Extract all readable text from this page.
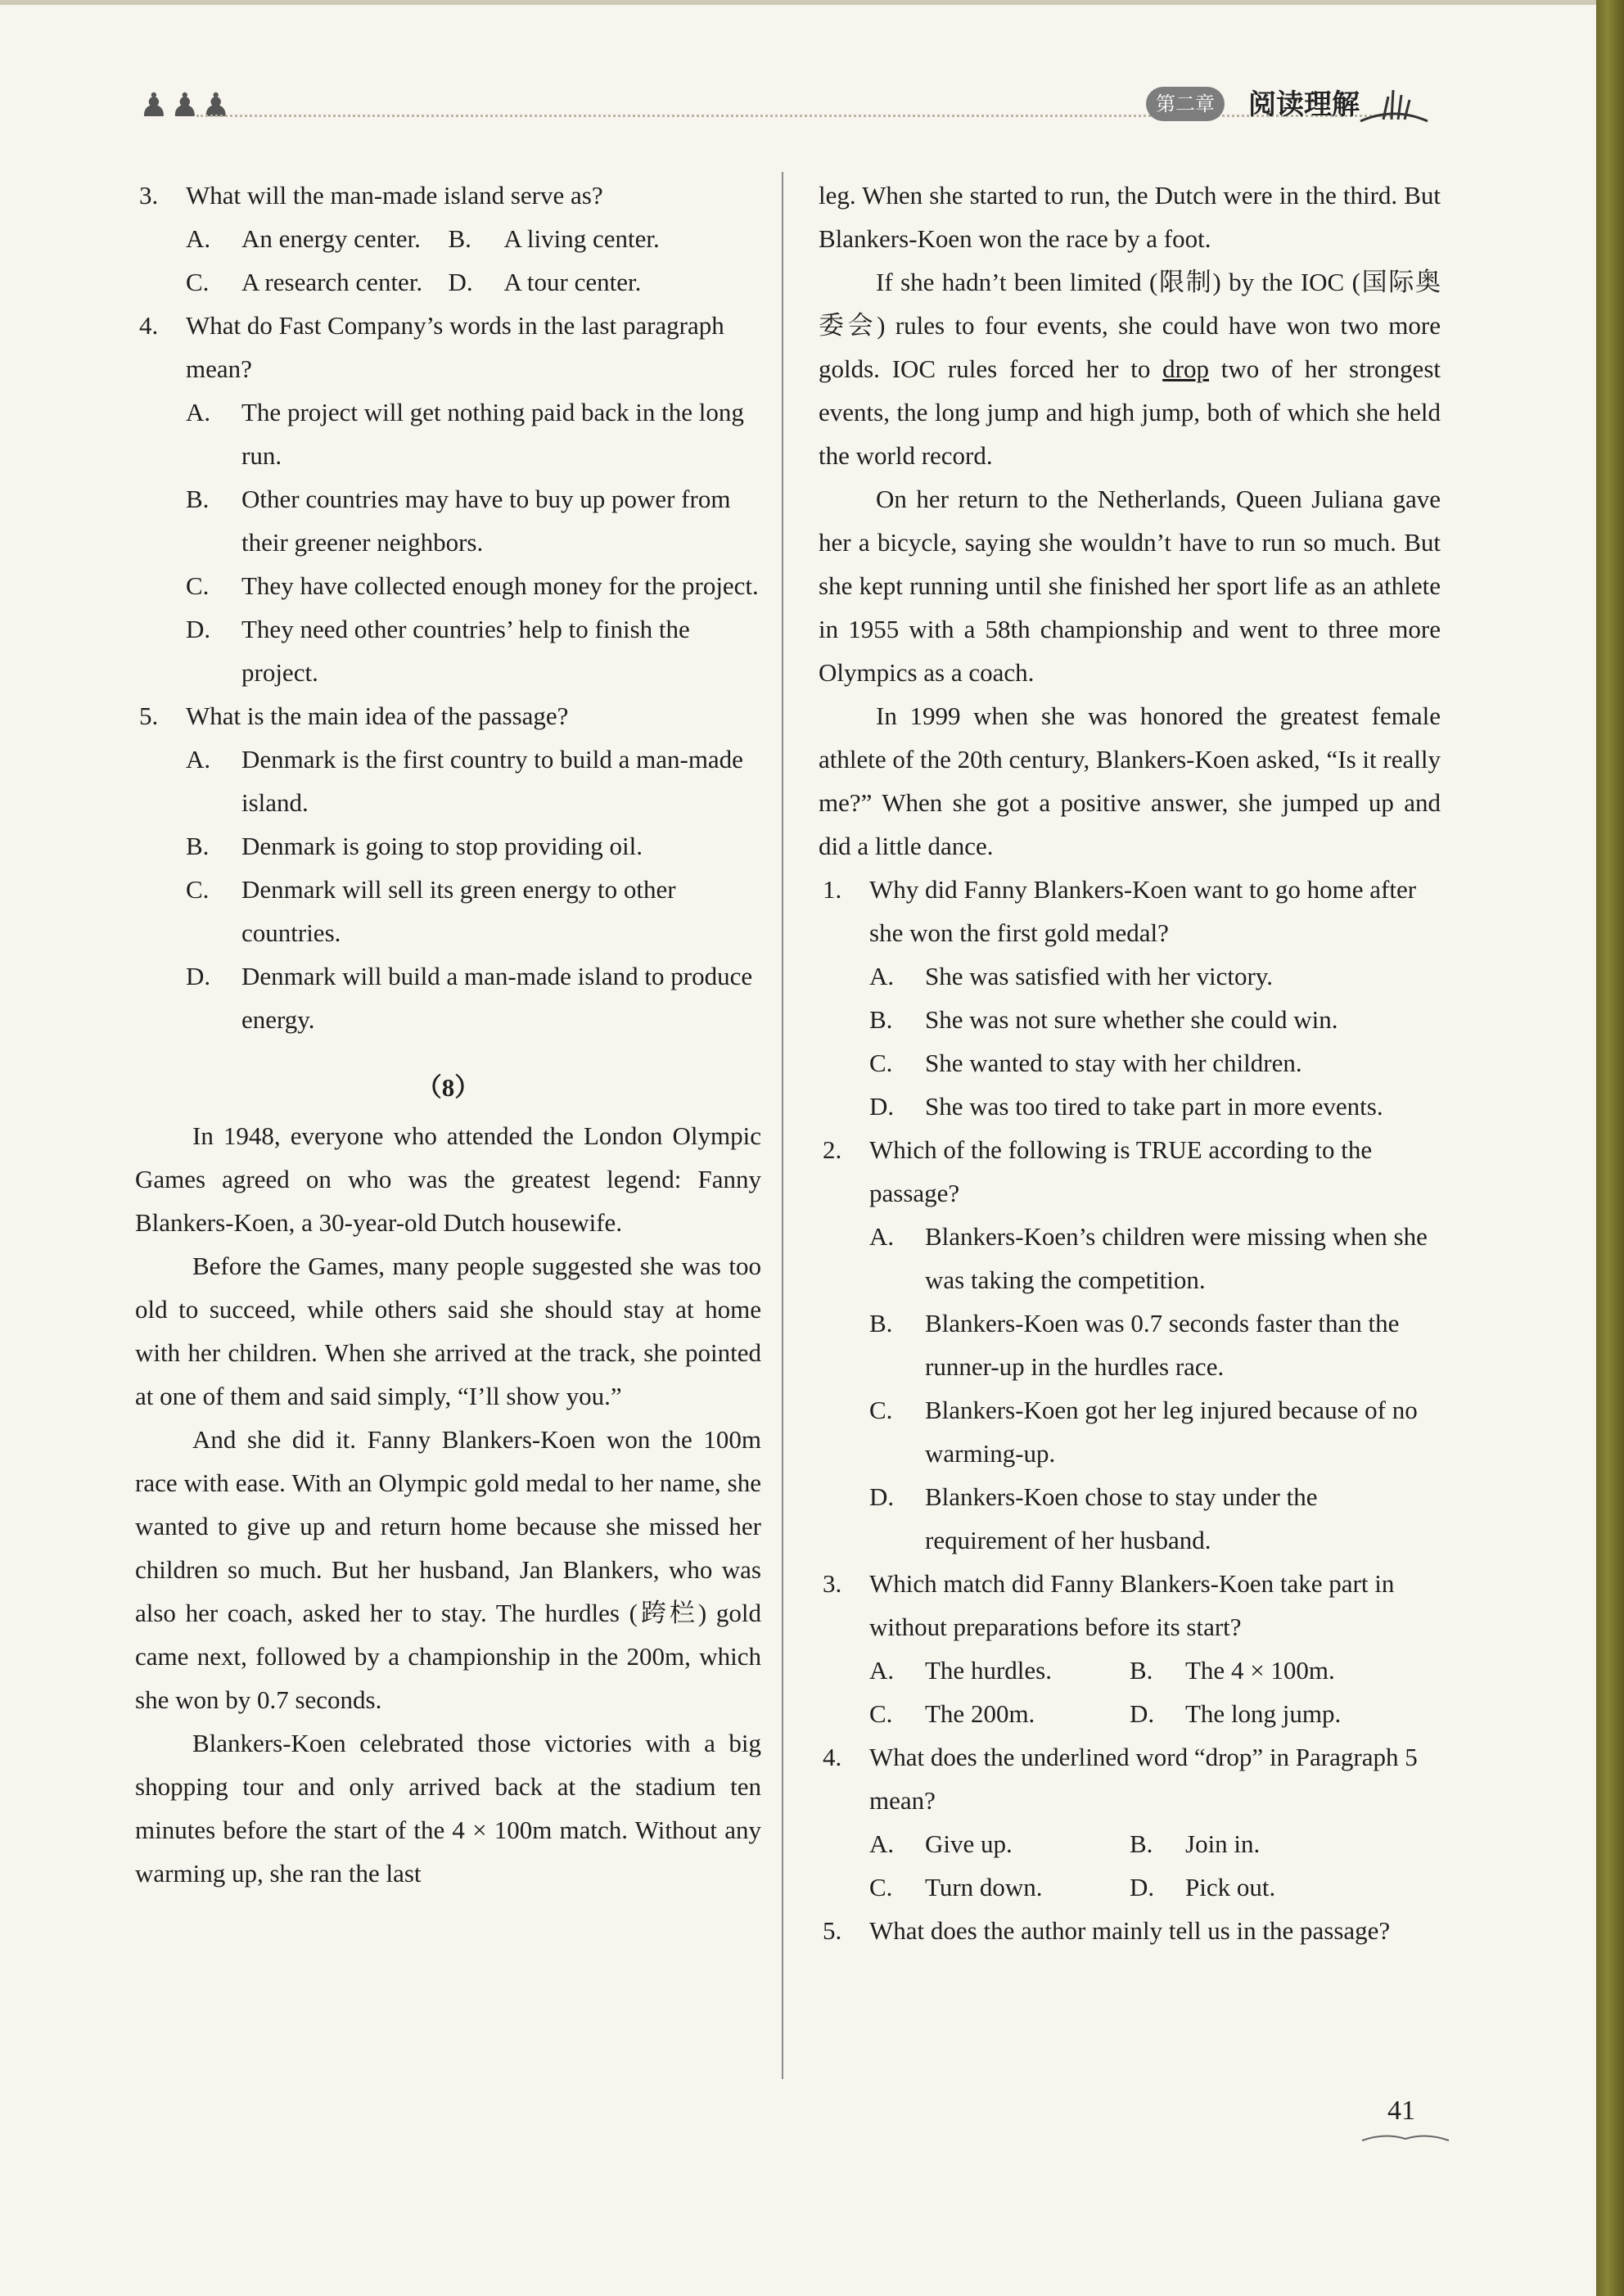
♟♟♟	第二章	阅读理解

3. What will the man-made island serve as?

A. An energy center.	B. A living center.

C. A research center.	D. A tour center.

4. What do Fast Company’s words in the last paragraph mean?

A. The project will get nothing paid back in the long run.

B. Other countries may have to buy up power from their greener neighbors.

C. They have collected enough money for the project.

D. They need other countries’ help to finish the project.

5. What is the main idea of the passage?

A. Denmark is the first country to build a man-made island.

B. Denmark is going to stop providing oil.

C. Denmark will sell its green energy to other countries.

D. Denmark will build a man-made island to produce energy.

（8）

In 1948, everyone who attended the London Olympic Games agreed on who was the greatest legend: Fanny Blankers-Koen, a 30-year-old Dutch housewife.

Before the Games, many people suggested she was too old to succeed, while others said she should stay at home with her children. When she arrived at the track, she pointed at one of them and said simply, “I’ll show you.”

And she did it. Fanny Blankers-Koen won the 100m race with ease. With an Olympic gold medal to her name, she wanted to give up and return home because she missed her children so much. But her husband, Jan Blankers, who was also her coach, asked her to stay. The hurdles (跨栏) gold came next, followed by a championship in the 200m, which she won by 0.7 seconds.

Blankers-Koen celebrated those victories with a big shopping tour and only arrived back at the stadium ten minutes before the start of the 4 × 100m match. Without any warming up, she ran the last

leg. When she started to run, the Dutch were in the third. But Blankers-Koen won the race by a foot.

If she hadn’t been limited (限制) by the IOC (国际奥委会) rules to four events, she could have won two more golds. IOC rules forced her to drop two of her strongest events, the long jump and high jump, both of which she held the world record.

On her return to the Netherlands, Queen Juliana gave her a bicycle, saying she wouldn’t have to run so much. But she kept running until she finished her sport life as an athlete in 1955 with a 58th championship and went to three more Olympics as a coach.

In 1999 when she was honored the greatest female athlete of the 20th century, Blankers-Koen asked, “Is it really me?” When she got a positive answer, she jumped up and did a little dance.

1. Why did Fanny Blankers-Koen want to go home after she won the first gold medal?

A. She was satisfied with her victory.

B. She was not sure whether she could win.

C. She wanted to stay with her children.

D. She was too tired to take part in more events.

2. Which of the following is TRUE according to the passage?

A. Blankers-Koen’s children were missing when she was taking the competition.

B. Blankers-Koen was 0.7 seconds faster than the runner-up in the hurdles race.

C. Blankers-Koen got her leg injured because of no warming-up.

D. Blankers-Koen chose to stay under the requirement of her husband.

3. Which match did Fanny Blankers-Koen take part in without preparations before its start?

A. The hurdles.	B. The 4 × 100m.

C. The 200m.	D. The long jump.

4. What does the underlined word “drop” in Paragraph 5 mean?

A. Give up.	B. Join in.

C. Turn down.	D. Pick out.

5. What does the author mainly tell us in the passage?

41
